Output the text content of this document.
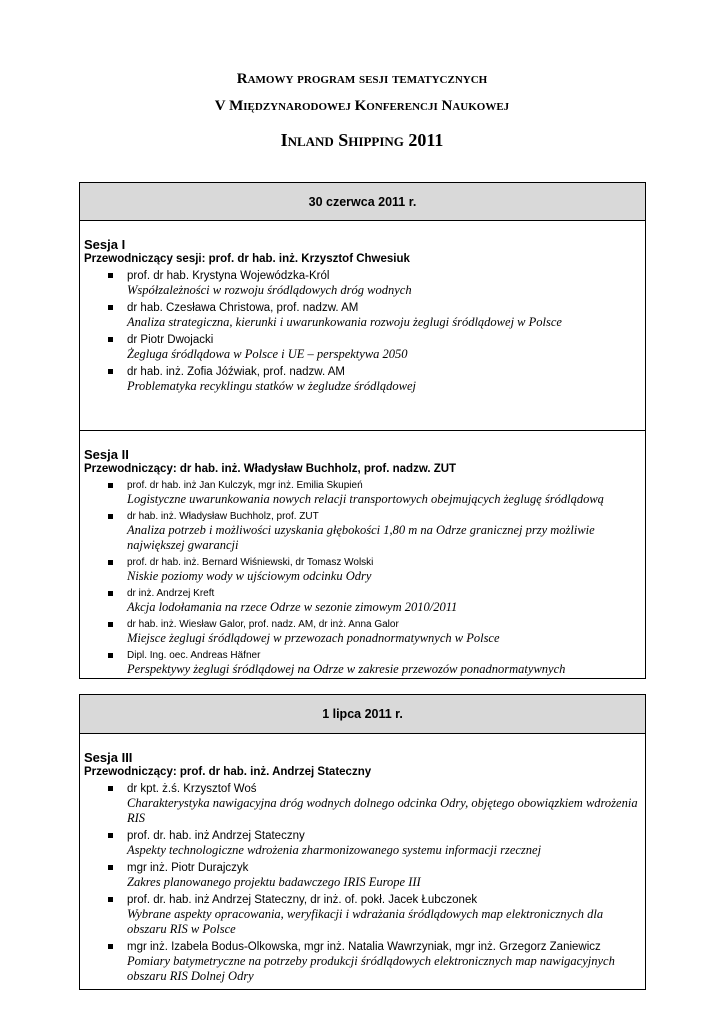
Ramowy program sesji tematycznych
V Międzynarodowej Konferencji Naukowej
Inland Shipping 2011
30 czerwca 2011 r.
Sesja I
Przewodniczący sesji: prof. dr hab. inż. Krzysztof Chwesiuk
prof. dr hab. Krystyna Wojewódzka-Król
Współzależności w rozwoju śródlądowych dróg wodnych
dr hab. Czesława Christowa, prof. nadzw. AM
Analiza strategiczna, kierunki i uwarunkowania rozwoju żeglugi śródlądowej w Polsce
dr Piotr Dwojacki
Żegluga śródlądowa w Polsce i UE – perspektywa 2050
dr hab. inż. Zofia Jóźwiak, prof. nadzw. AM
Problematyka recyklingu statków w żegludze śródlądowej
Sesja II
Przewodniczący: dr hab. inż. Władysław Buchholz, prof. nadzw. ZUT
prof. dr hab. inż Jan Kulczyk, mgr inż. Emilia Skupień
Logistyczne uwarunkowania nowych relacji transportowych obejmujących żeglugę śródlądową
dr hab. inż. Władysław Buchholz, prof. ZUT
Analiza potrzeb i możliwości uzyskania głębokości 1,80 m na Odrze granicznej przy możliwie największej gwarancji
prof. dr hab. inż. Bernard Wiśniewski, dr Tomasz Wolski
Niskie poziomy wody w ujściowym odcinku Odry
dr inż. Andrzej Kreft
Akcja lodołamania na rzece Odrze w sezonie zimowym 2010/2011
dr hab. inż. Wiesław Galor, prof. nadz. AM, dr inż. Anna Galor
Miejsce żeglugi śródlądowej w przewozach ponadnormatywnych w Polsce
Dipl. Ing. oec. Andreas Häfner
Perspektywy żeglugi śródlądowej na Odrze w zakresie przewozów ponadnormatywnych
1 lipca 2011 r.
Sesja III
Przewodniczący: prof. dr hab. inż. Andrzej Stateczny
dr kpt. ż.ś. Krzysztof Woś
Charakterystyka nawigacyjna dróg wodnych dolnego odcinka Odry, objętego obowiązkiem wdrożenia RIS
prof. dr. hab. inż Andrzej Stateczny
Aspekty technologiczne wdrożenia zharmonizowanego systemu informacji rzecznej
mgr inż. Piotr Durajczyk
Zakres planowanego projektu badawczego IRIS Europe III
prof. dr. hab. inż Andrzej Stateczny, dr inż. of. pokł. Jacek Łubczonek
Wybrane aspekty opracowania, weryfikacji i wdrażania śródlądowych map elektronicznych dla obszaru RIS w Polsce
mgr inż. Izabela Bodus-Olkowska, mgr inż. Natalia Wawrzyniak, mgr inż. Grzegorz Zaniewicz
Pomiary batymetryczne na potrzeby produkcji śródlądowych elektronicznych map nawigacyjnych obszaru RIS Dolnej Odry
